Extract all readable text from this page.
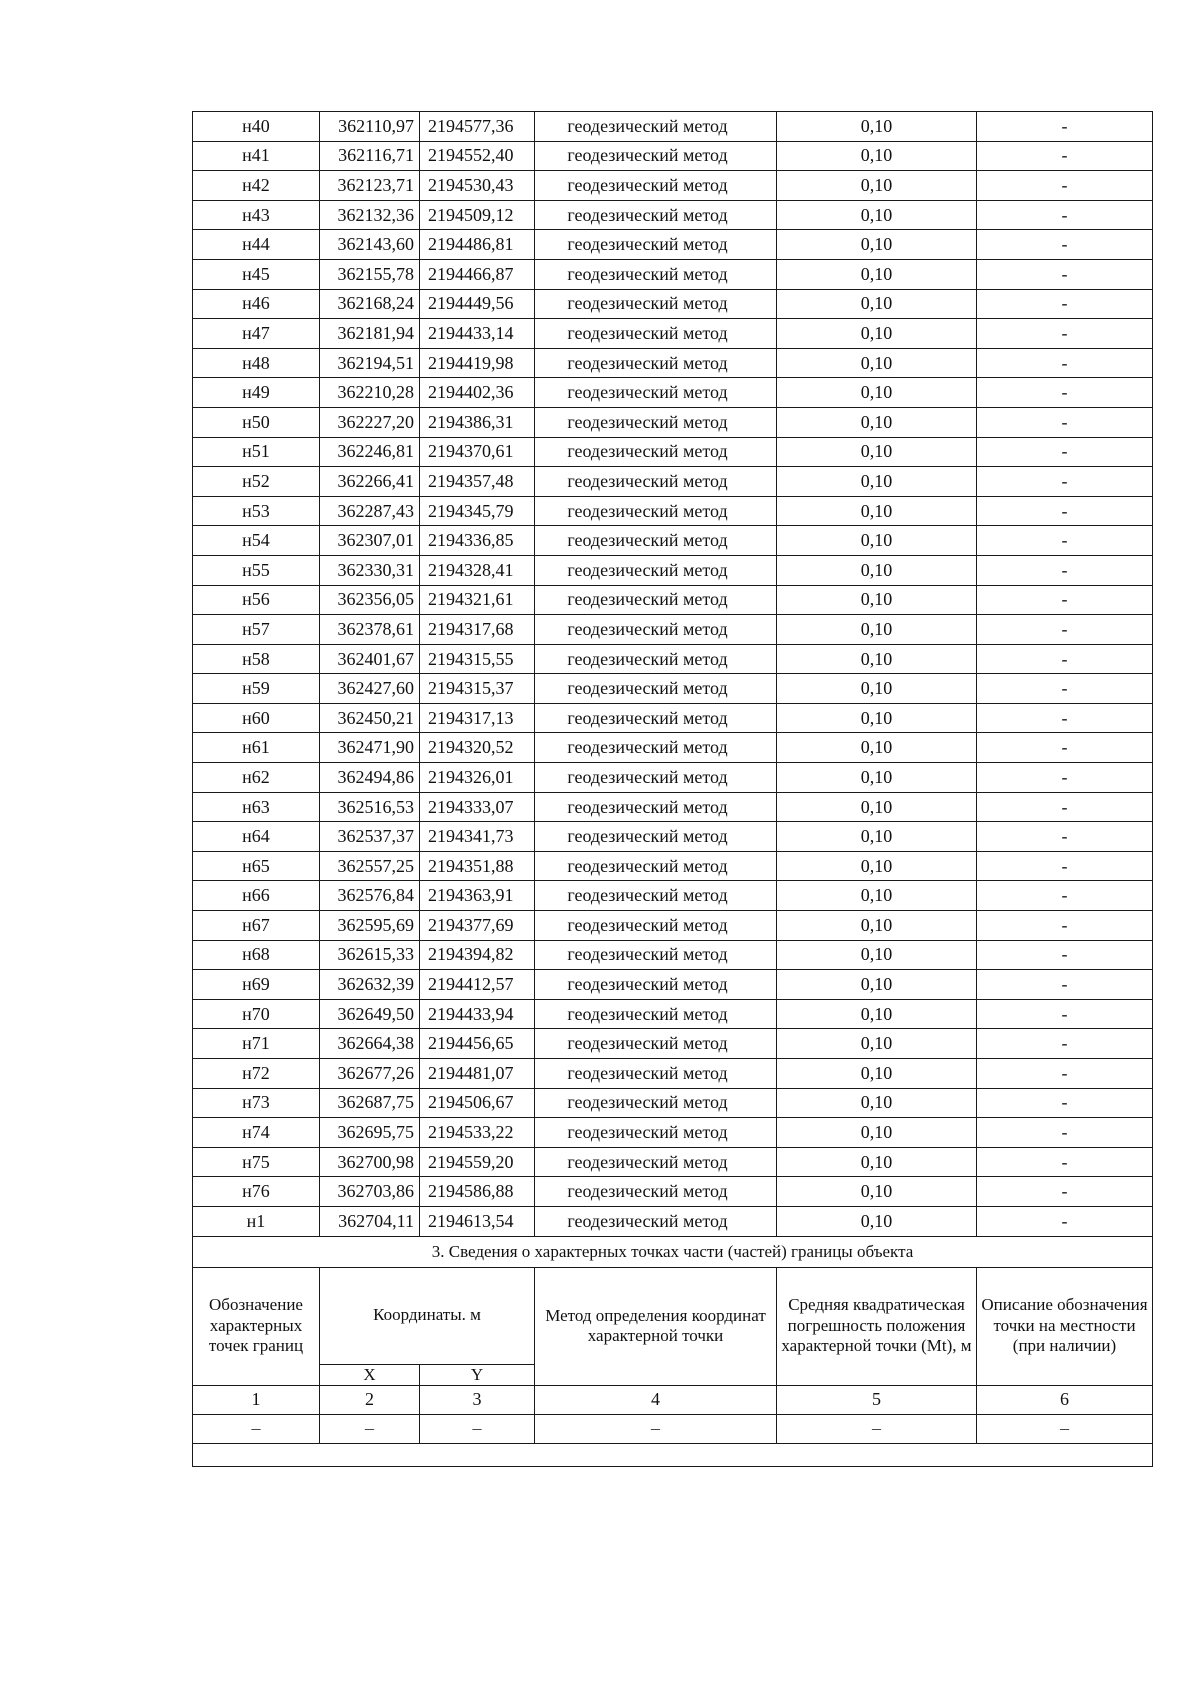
н40	362110,97	2194577,36	геодезический метод	0,10	-
н41	362116,71	2194552,40	геодезический метод	0,10	-
н42	362123,71	2194530,43	геодезический метод	0,10	-
н43	362132,36	2194509,12	геодезический метод	0,10	-
н44	362143,60	2194486,81	геодезический метод	0,10	-
н45	362155,78	2194466,87	геодезический метод	0,10	-
н46	362168,24	2194449,56	геодезический метод	0,10	-
н47	362181,94	2194433,14	геодезический метод	0,10	-
н48	362194,51	2194419,98	геодезический метод	0,10	-
н49	362210,28	2194402,36	геодезический метод	0,10	-
н50	362227,20	2194386,31	геодезический метод	0,10	-
н51	362246,81	2194370,61	геодезический метод	0,10	-
н52	362266,41	2194357,48	геодезический метод	0,10	-
н53	362287,43	2194345,79	геодезический метод	0,10	-
н54	362307,01	2194336,85	геодезический метод	0,10	-
н55	362330,31	2194328,41	геодезический метод	0,10	-
н56	362356,05	2194321,61	геодезический метод	0,10	-
н57	362378,61	2194317,68	геодезический метод	0,10	-
н58	362401,67	2194315,55	геодезический метод	0,10	-
н59	362427,60	2194315,37	геодезический метод	0,10	-
н60	362450,21	2194317,13	геодезический метод	0,10	-
н61	362471,90	2194320,52	геодезический метод	0,10	-
н62	362494,86	2194326,01	геодезический метод	0,10	-
н63	362516,53	2194333,07	геодезический метод	0,10	-
н64	362537,37	2194341,73	геодезический метод	0,10	-
н65	362557,25	2194351,88	геодезический метод	0,10	-
н66	362576,84	2194363,91	геодезический метод	0,10	-
н67	362595,69	2194377,69	геодезический метод	0,10	-
н68	362615,33	2194394,82	геодезический метод	0,10	-
н69	362632,39	2194412,57	геодезический метод	0,10	-
н70	362649,50	2194433,94	геодезический метод	0,10	-
н71	362664,38	2194456,65	геодезический метод	0,10	-
н72	362677,26	2194481,07	геодезический метод	0,10	-
н73	362687,75	2194506,67	геодезический метод	0,10	-
н74	362695,75	2194533,22	геодезический метод	0,10	-
н75	362700,98	2194559,20	геодезический метод	0,10	-
н76	362703,86	2194586,88	геодезический метод	0,10	-
н1	362704,11	2194613,54	геодезический метод	0,10	-
3. Сведения о характерных точках части (частей) границы объекта					
Обозначение характерных точек границ	Координаты. м		Метод определения координат характерной точки	Средняя квадратическая погрешность положения характерной точки (Mt), м	Описание обозначения точки на местности (при наличии)
	X	Y			
1	2	3	4	5	6
–	–	–	–	–	–
